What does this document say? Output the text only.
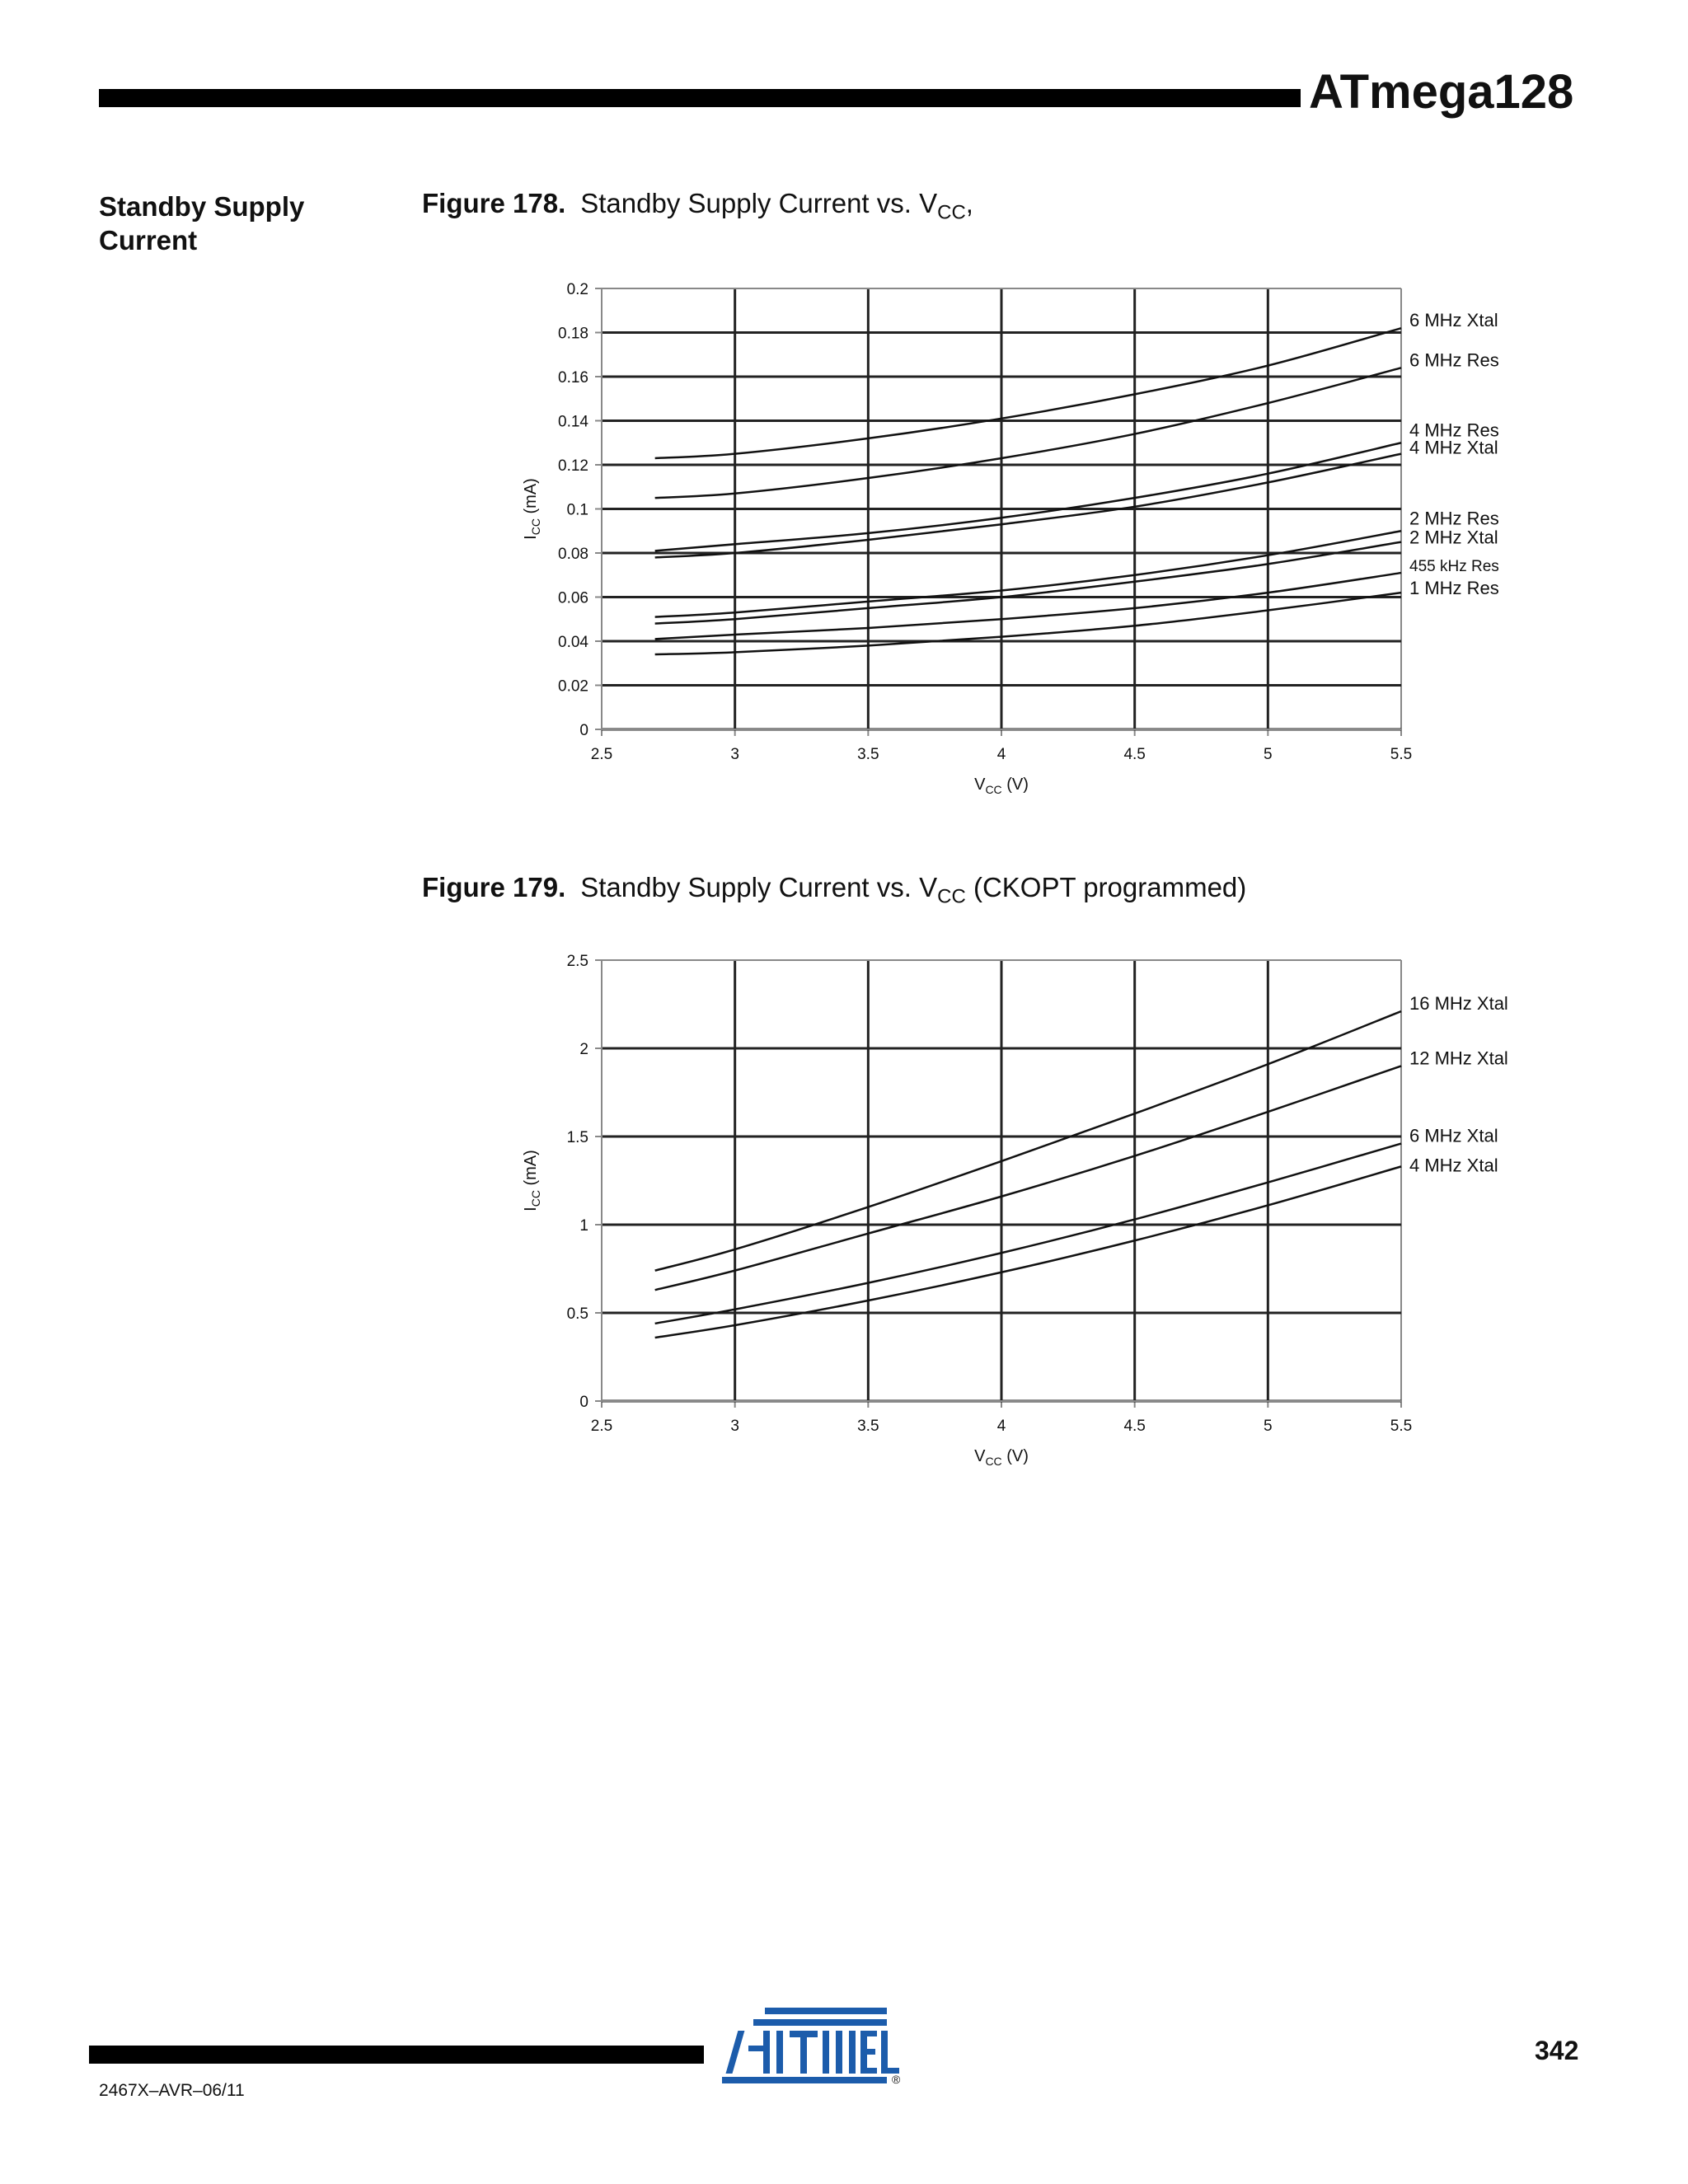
ATmega128
Standby Supply Current
Figure 178. Standby Supply Current vs. $V_{CC}$,
2.5	3	3.5	4	4.5	5	5.5
0
0.02
0.04
0.06
0.08
0.1
0.12
0.14
0.16
0.18
0.2
6 MHz Xtal
6 MHz Res
4 MHz Res
4 MHz Xtal
2 MHz Res
2 MHz Xtal
455 kHz Res
1 MHz Res
$V_{CC}$ (V)
$I_{CC}$ (mA)
Figure 179. Standby Supply Current vs. $V_{CC}$ (CKOPT programmed)
2.5	3	3.5	4	4.5	5	5.5
0
0.5
1
1.5
2
2.5
16 MHz Xtal
12 MHz Xtal
6 MHz Xtal
4 MHz Xtal
$V_{CC}$ (V)
$I_{CC}$ (mA)
®
342
2467X–AVR–06/11
